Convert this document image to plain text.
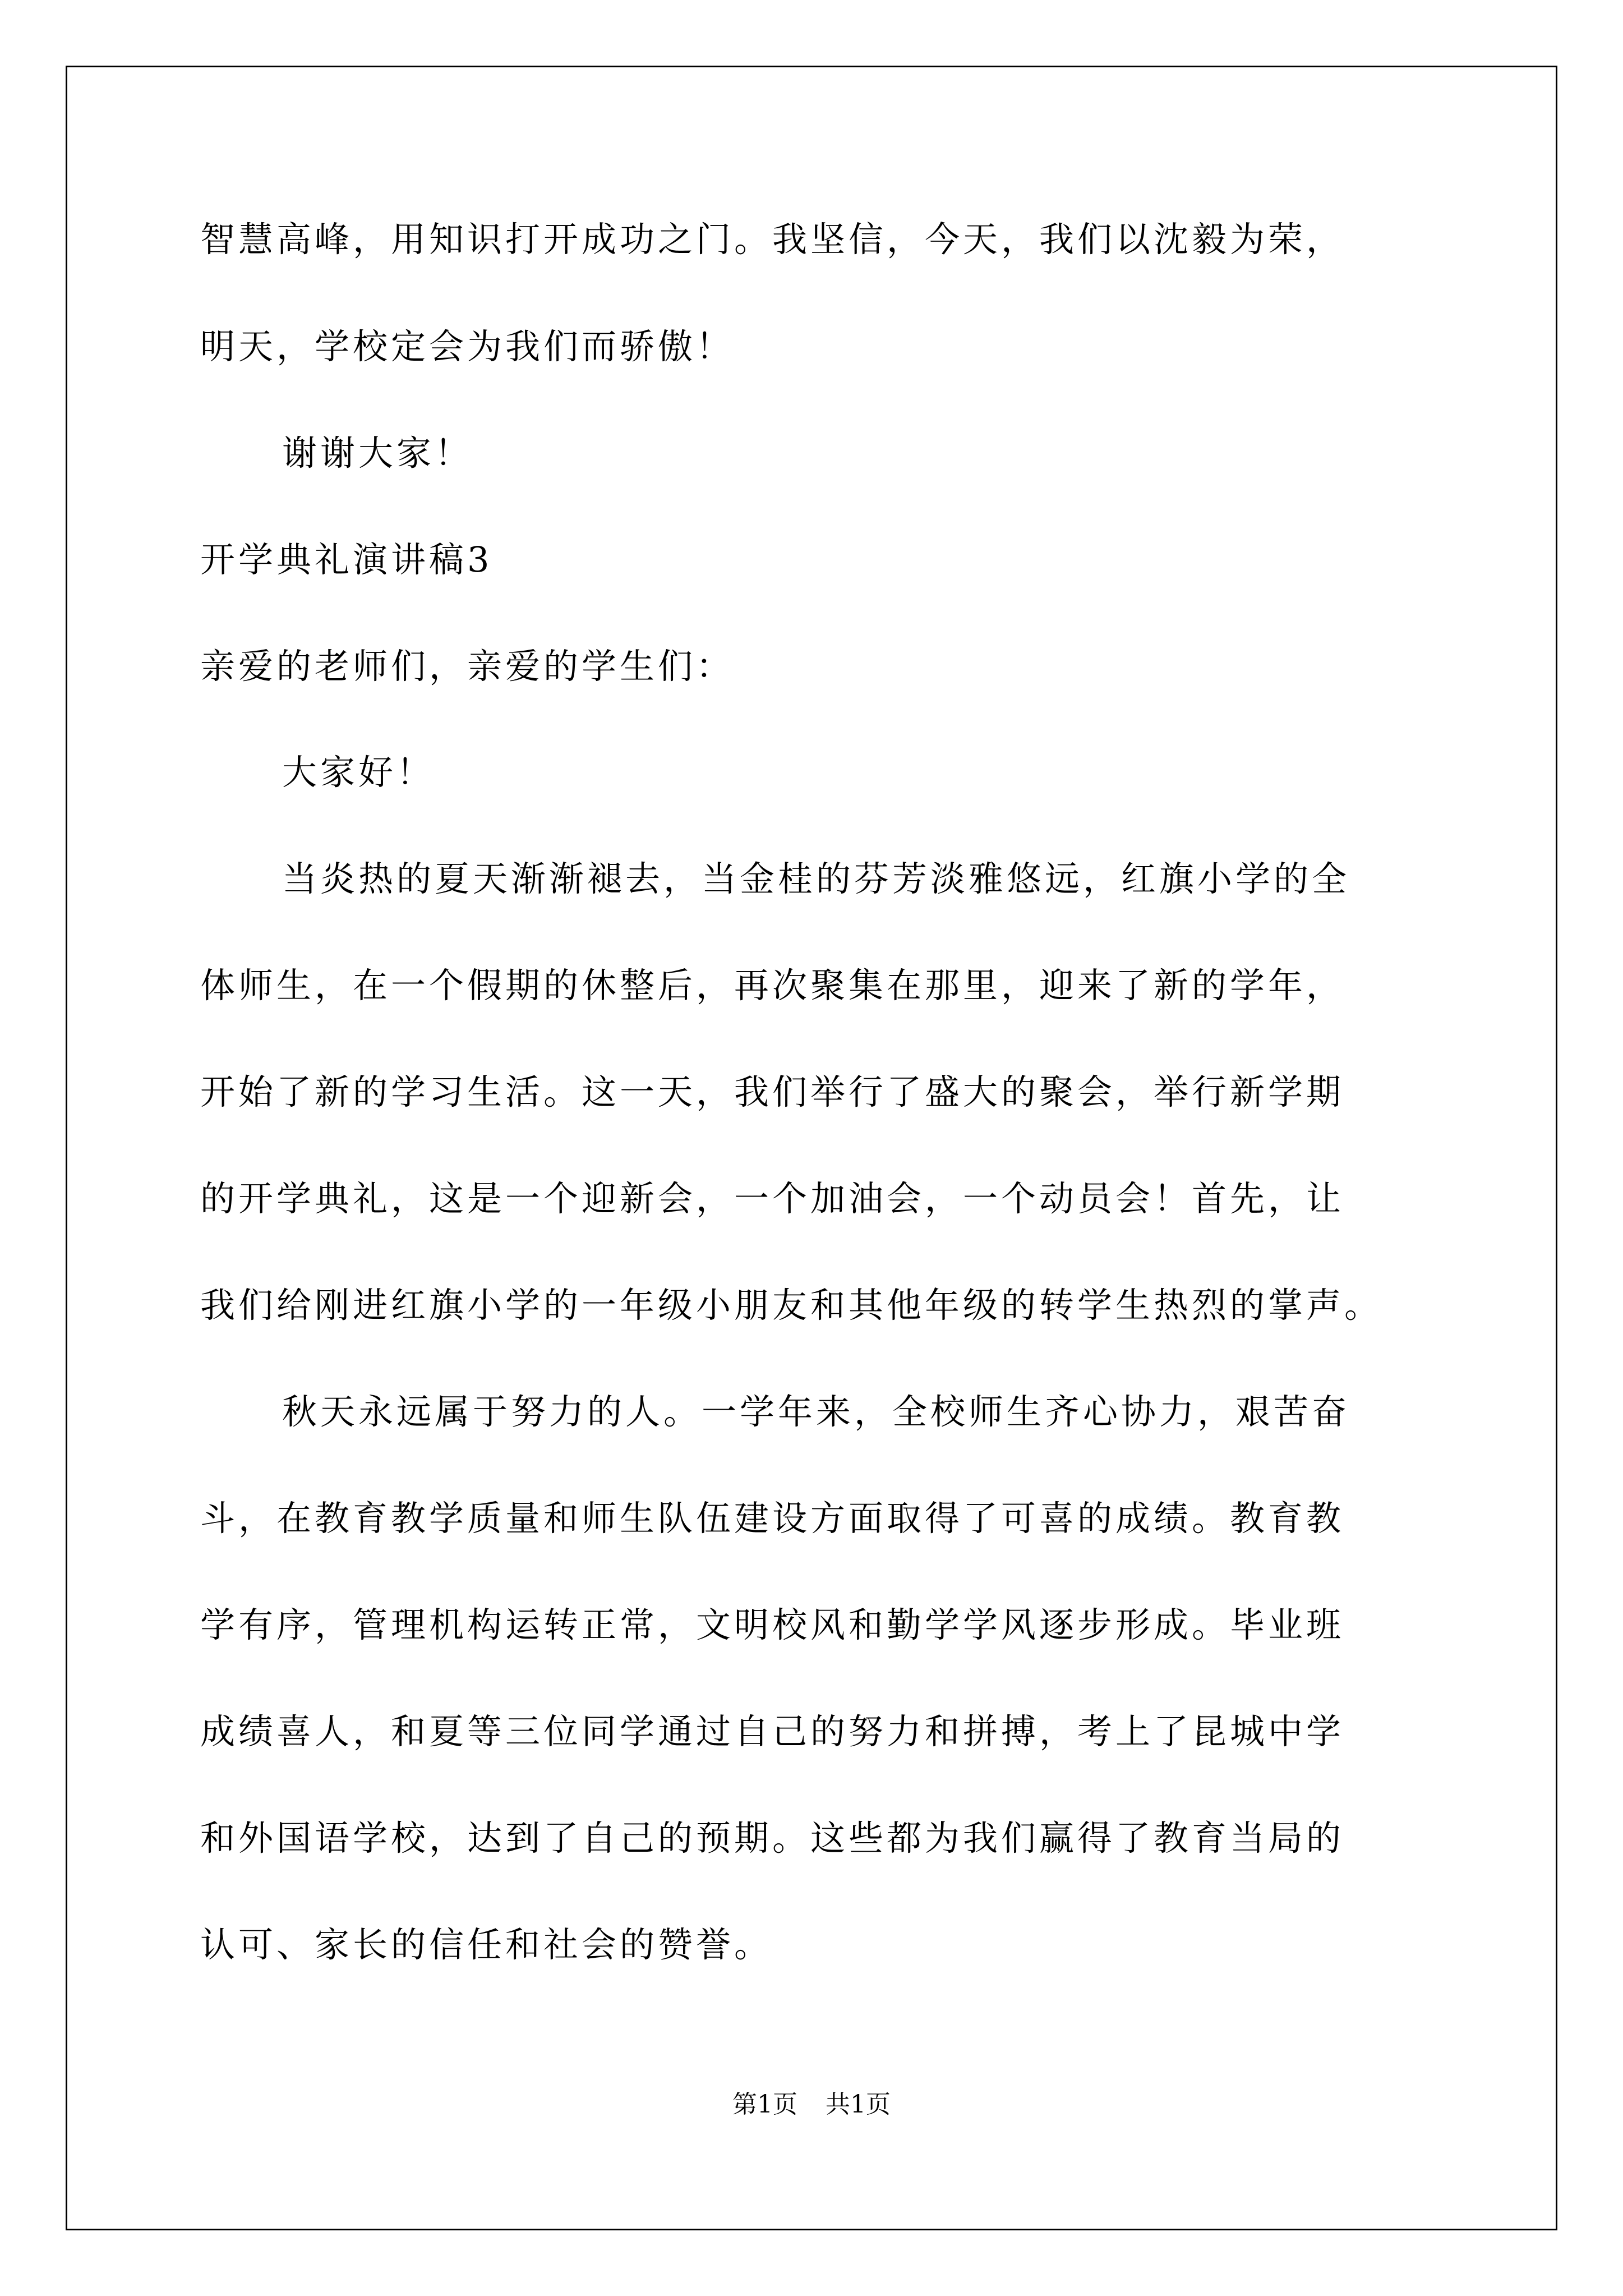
智慧高峰，用知识打开成功之门。我坚信，今天，我们以沈毅为荣，
明天，学校定会为我们而骄傲！
谢谢大家！
开学典礼演讲稿3
亲爱的老师们，亲爱的学生们：
大家好！
当炎热的夏天渐渐褪去，当金桂的芬芳淡雅悠远，红旗小学的全
体师生，在一个假期的休整后，再次聚集在那里，迎来了新的学年，
开始了新的学习生活。这一天，我们举行了盛大的聚会，举行新学期
的开学典礼，这是一个迎新会，一个加油会，一个动员会！首先，让
我们给刚进红旗小学的一年级小朋友和其他年级的转学生热烈的掌声。
秋天永远属于努力的人。一学年来，全校师生齐心协力，艰苦奋
斗，在教育教学质量和师生队伍建设方面取得了可喜的成绩。教育教
学有序，管理机构运转正常，文明校风和勤学学风逐步形成。毕业班
成绩喜人，和夏等三位同学通过自己的努力和拼搏，考上了昆城中学
和外国语学校，达到了自己的预期。这些都为我们赢得了教育当局的
认可、家长的信任和社会的赞誉。
第1页 共1页
